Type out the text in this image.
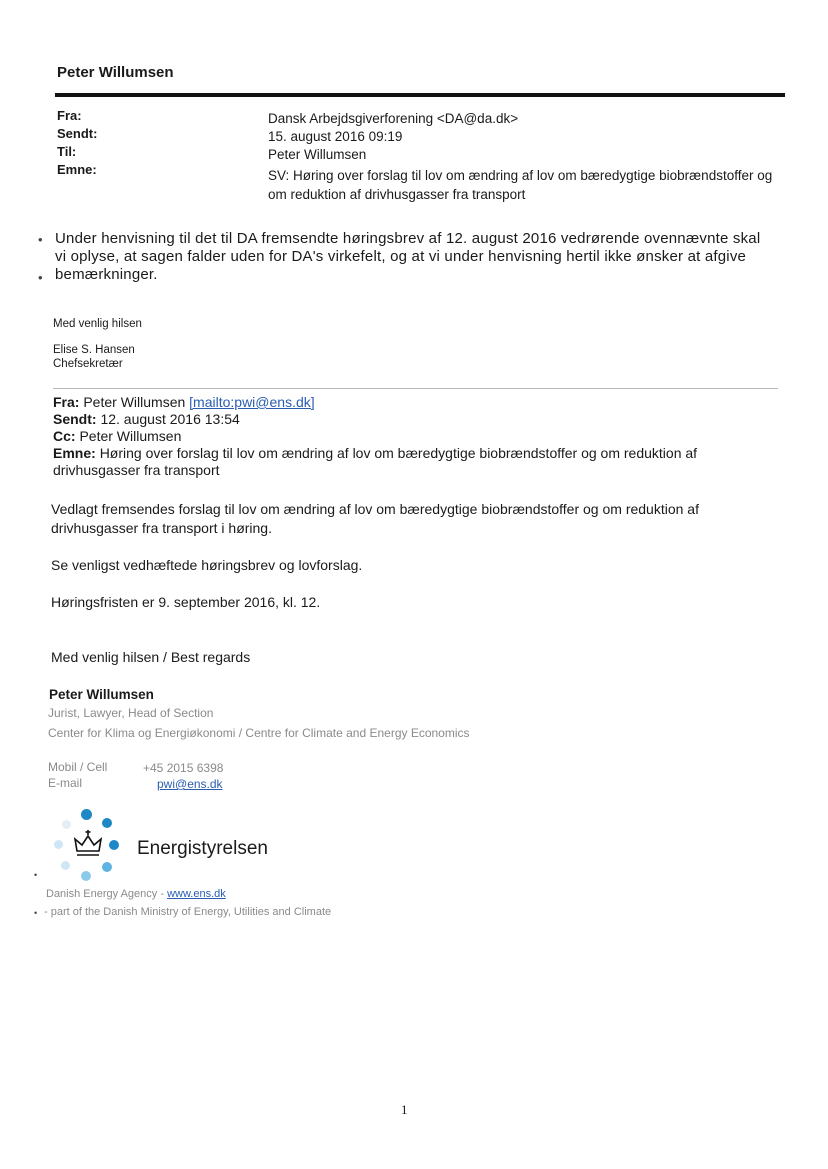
Peter Willumsen
Fra:
Sendt:
Til:
Emne:
Dansk Arbejdsgiverforening <DA@da.dk>
15. august 2016 09:19
Peter Willumsen
SV: Høring over forslag til lov om ændring af lov om bæredygtige biobrændstoffer og om reduktion af drivhusgasser fra transport
•
•
Under henvisning til det til DA fremsendte høringsbrev af 12. august 2016 vedrørende ovennævnte skal vi oplyse, at sagen falder uden for DA's virkefelt, og at vi under henvisning hertil ikke ønsker at afgive bemærkninger.
Med venlig hilsen
Elise S. Hansen
Chefsekretær
Fra: Peter Willumsen [mailto:pwi@ens.dk]
Sendt: 12. august 2016 13:54
Cc: Peter Willumsen
Emne: Høring over forslag til lov om ændring af lov om bæredygtige biobrændstoffer og om reduktion af drivhusgasser fra transport
Vedlagt fremsendes forslag til lov om ændring af lov om bæredygtige biobrændstoffer og om reduktion af drivhusgasser fra transport i høring.
Se venligst vedhæftede høringsbrev og lovforslag.
Høringsfristen er 9. september 2016, kl. 12.
Med venlig hilsen / Best regards
Peter Willumsen
Jurist, Lawyer, Head of Section
Center for Klima og Energiøkonomi / Centre for Climate and Energy Economics
Mobil / Cell	+45 2015 6398
E-mail	pwi@ens.dk
•
Energistyrelsen
Danish Energy Agency - www.ens.dk
• - part of the Danish Ministry of Energy, Utilities and Climate
1
